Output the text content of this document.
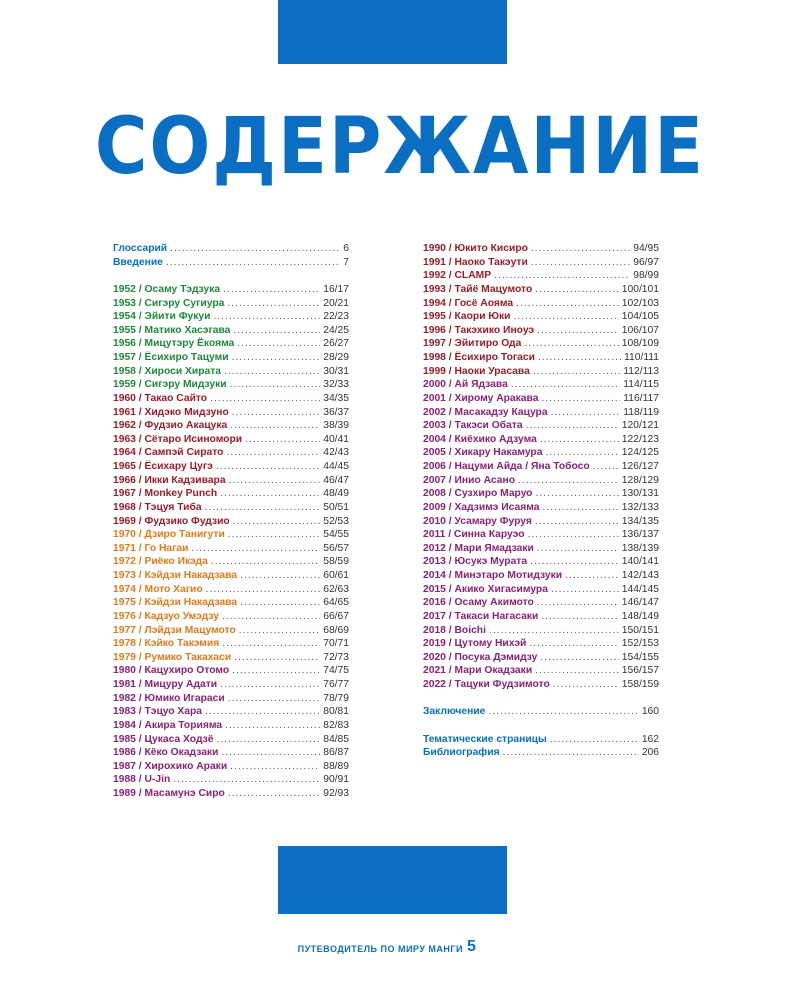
СОДЕРЖАНИЕ
Глоссарий .....	6
Введение .....	7
1952 / Осаму Тэдзука .....	16/17
1953 / Сигэру Сугиура .....	20/21
1954 / Эйити Фукуи .....	22/23
1955 / Матико Хасэгава .....	24/25
1956 / Мицутэру Ёкояма .....	26/27
1957 / Ёсихиро Тацуми .....	28/29
1958 / Хироси Хирата .....	30/31
1959 / Сигэру Мидзуки .....	32/33
1960 / Такао Сайто .....	34/35
1961 / Хидэко Мидзуно .....	36/37
1962 / Фудзио Акацука .....	38/39
1963 / Сётаро Исиномори .....	40/41
1964 / Сампэй Сирато .....	42/43
1965 / Ёсихару Цугэ .....	44/45
1966 / Икки Кадзивара .....	46/47
1967 / Monkey Punch .....	48/49
1968 / Тэцуя Тиба .....	50/51
1969 / Фудзико Фудзио .....	52/53
1970 / Дзиро Танигути .....	54/55
1971 / Го Нагаи .....	56/57
1972 / Риёко Икэда .....	58/59
1973 / Кэйдзи Накадзава .....	60/61
1974 / Мото Хагио .....	62/63
1975 / Кэйдзи Накадзава .....	64/65
1976 / Кадзуо Умэдзу .....	66/67
1977 / Лэйдзи Мацумото .....	68/69
1978 / Кэйко Такэмия .....	70/71
1979 / Румико Такахаси .....	72/73
1980 / Кацухиро Отомо .....	74/75
1981 / Мицуру Адати .....	76/77
1982 / Юмико Игараси .....	78/79
1983 / Тэцуо Хара .....	80/81
1984 / Акира Торияма .....	82/83
1985 / Цукаса Ходзё .....	84/85
1986 / Кёко Окадзаки .....	86/87
1987 / Хирохико Араки .....	88/89
1988 / U-Jin .....	90/91
1989 / Масамунэ Сиро .....	92/93
1990 / Юкито Кисиро .....	94/95
1991 / Наоко Такэути .....	96/97
1992 / CLAMP .....	98/99
1993 / Тайё Мацумото .....	100/101
1994 / Госё Аояма .....	102/103
1995 / Каори Юки .....	104/105
1996 / Такэхико Иноуэ .....	106/107
1997 / Эйитиро Ода .....	108/109
1998 / Ёсихиро Тогаси .....	110/111
1999 / Наоки Урасава .....	112/113
2000 / Ай Ядзава .....	114/115
2001 / Хирому Аракава .....	116/117
2002 / Масакадзу Кацура .....	118/119
2003 / Такэси Обата .....	120/121
2004 / Киёхико Адзума .....	122/123
2005 / Хикару Накамура .....	124/125
2006 / Нацуми Айда / Яна Тобосо .....	126/127
2007 / Инио Асано .....	128/129
2008 / Сузхиро Маруо .....	130/131
2009 / Хадзимэ Исаяма .....	132/133
2010 / Усамару Фуруя .....	134/135
2011 / Синна Каруэо .....	136/137
2012 / Мари Ямадзаки .....	138/139
2013 / Юсукэ Мурата .....	140/141
2014 / Минэтаро Мотидзуки .....	142/143
2015 / Акико Хигасимура .....	144/145
2016 / Осаму Акимото .....	146/147
2017 / Такаси Нагасаки .....	148/149
2018 / Boichi .....	150/151
2019 / Цутому Нихэй .....	152/153
2020 / Посука Дэмидзу .....	154/155
2021 / Мари Окадзаки .....	156/157
2022 / Тацуки Фудзимото .....	158/159
Заключение .....	160
Тематические страницы .....	162
Библиография .....	206
ПУТЕВОДИТЕЛЬ ПО МИРУ МАНГИ 5
